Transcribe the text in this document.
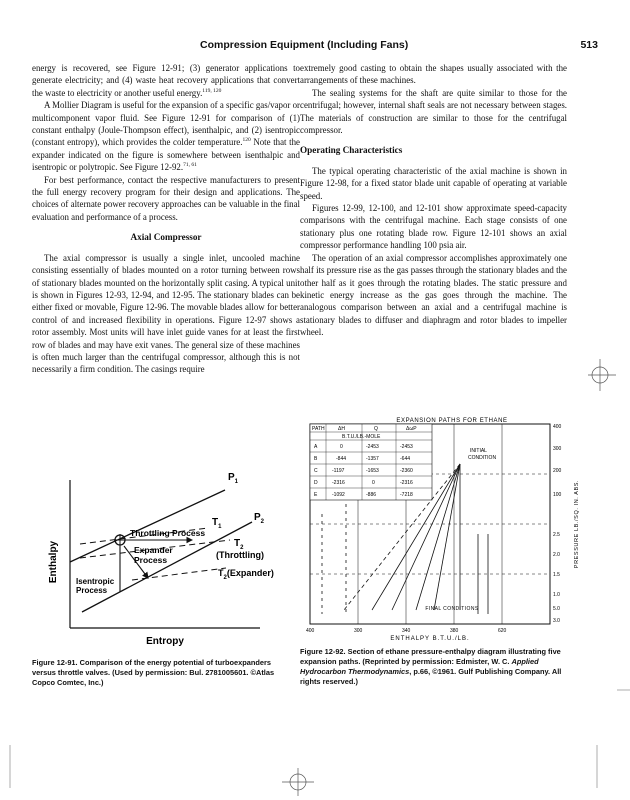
Compression Equipment (Including Fans)	513

energy is recovered, see Figure 12-91; (3) generator applications to generate electricity; and (4) waste heat recovery applications that convert the waste to electricity or another useful energy.$^{119, 120}$

A Mollier Diagram is useful for the expansion of a specific gas/vapor or multicomponent vapor fluid. See Figure 12-91 for comparison of (1) constant enthalpy (Joule-Thompson effect), isenthalpic, and (2) isentropic (constant entropy), which provides the colder temperature.$^{120}$ Note that the expander indicated on the figure is somewhere between isenthalpic and isentropic or polytropic. See Figure 12-92.$^{71, 61}$

For best performance, contact the respective manufacturers to present the full energy recovery program for their design and applications. The choices of alternate power recovery approaches can be valuable in the final evaluation and performance of a process.

Axial Compressor

The axial compressor is usually a single inlet, uncooled machine consisting essentially of blades mounted on a rotor turning between rows of stationary blades mounted on the horizontally split casing. A typical unit is shown in Figures 12-93, 12-94, and 12-95. The stationary blades can be either fixed or movable, Figure 12-96. The movable blades allow for better control of and increased flexibility in operations. Figure 12-97 shows a rotor assembly. Most units will have inlet guide vanes for at least the first row of blades and may have exit vanes. The general size of these machines is often much larger than the centrifugal compressor, although this is not necessarily a firm condition. The casings require

extremely good casting to obtain the shapes usually associated with the arrangements of these machines.

The sealing systems for the shaft are quite similar to those for the centrifugal; however, internal shaft seals are not necessary between stages. The materials of construction are similar to those for the centrifugal compressor.

Operating Characteristics

The typical operating characteristic of the axial machine is shown in Figure 12-98, for a fixed stator blade unit capable of operating at variable speed.

Figures 12-99, 12-100, and 12-101 show approximate speed-capacity comparisons with the centrifugal machine. Each stage consists of one stationary plus one rotating blade row. Figure 12-101 shows an axial compressor performance handling 100 psia air.

The operation of an axial compressor accomplishes approximately one half its pressure rise as the gas passes through the stationary blades and the other half as it goes through the rotating blades. The static pressure and kinetic energy increase as the gas goes through the machine. The analogous comparison between an axial and a centrifugal machine is stationary blades to diffuser and diaphragm and rotor blades to impeller wheel.

$P_1$
$P_2$
$T_1$
$T_2$
Throttling Process
Expander
Process	(Throttling)
$T_2(Expander)$
Isentropic
Process
Enthalpy
Entropy
Figure 12-91. Comparison of the energy potential of turboexpanders versus throttle valves. (Used by permission: Bul. 2781005601. ©Atlas Copco Comtec, Inc.)
EXPANSION PATHS FOR ETHANE
PATH	ΔH	Q	ΔωP
B.T.U./LB.-MOLE
A	0	-2453	-2453
B	-844	-1357	-644
C	-1197	-1653	-2360
D	-2316	0	-2316
E	-1092	-886	-7218
INITIAL
CONDITION
FINAL CONDITIONS
400	300	340	380	620
ENTHALPY B.T.U./LB.
400
300
200
100
2.5
2.0
1.5
1.0
5.0
3.0
PRESSURE LB./SQ. IN. ABS.
Figure 12-92. Section of ethane pressure-enthalpy diagram illustrating five expansion paths. (Reprinted by permission: Edmister, W. C. Applied Hydrocarbon Thermodynamics, p.66, ©1961. Gulf Publishing Company. All rights reserved.)
